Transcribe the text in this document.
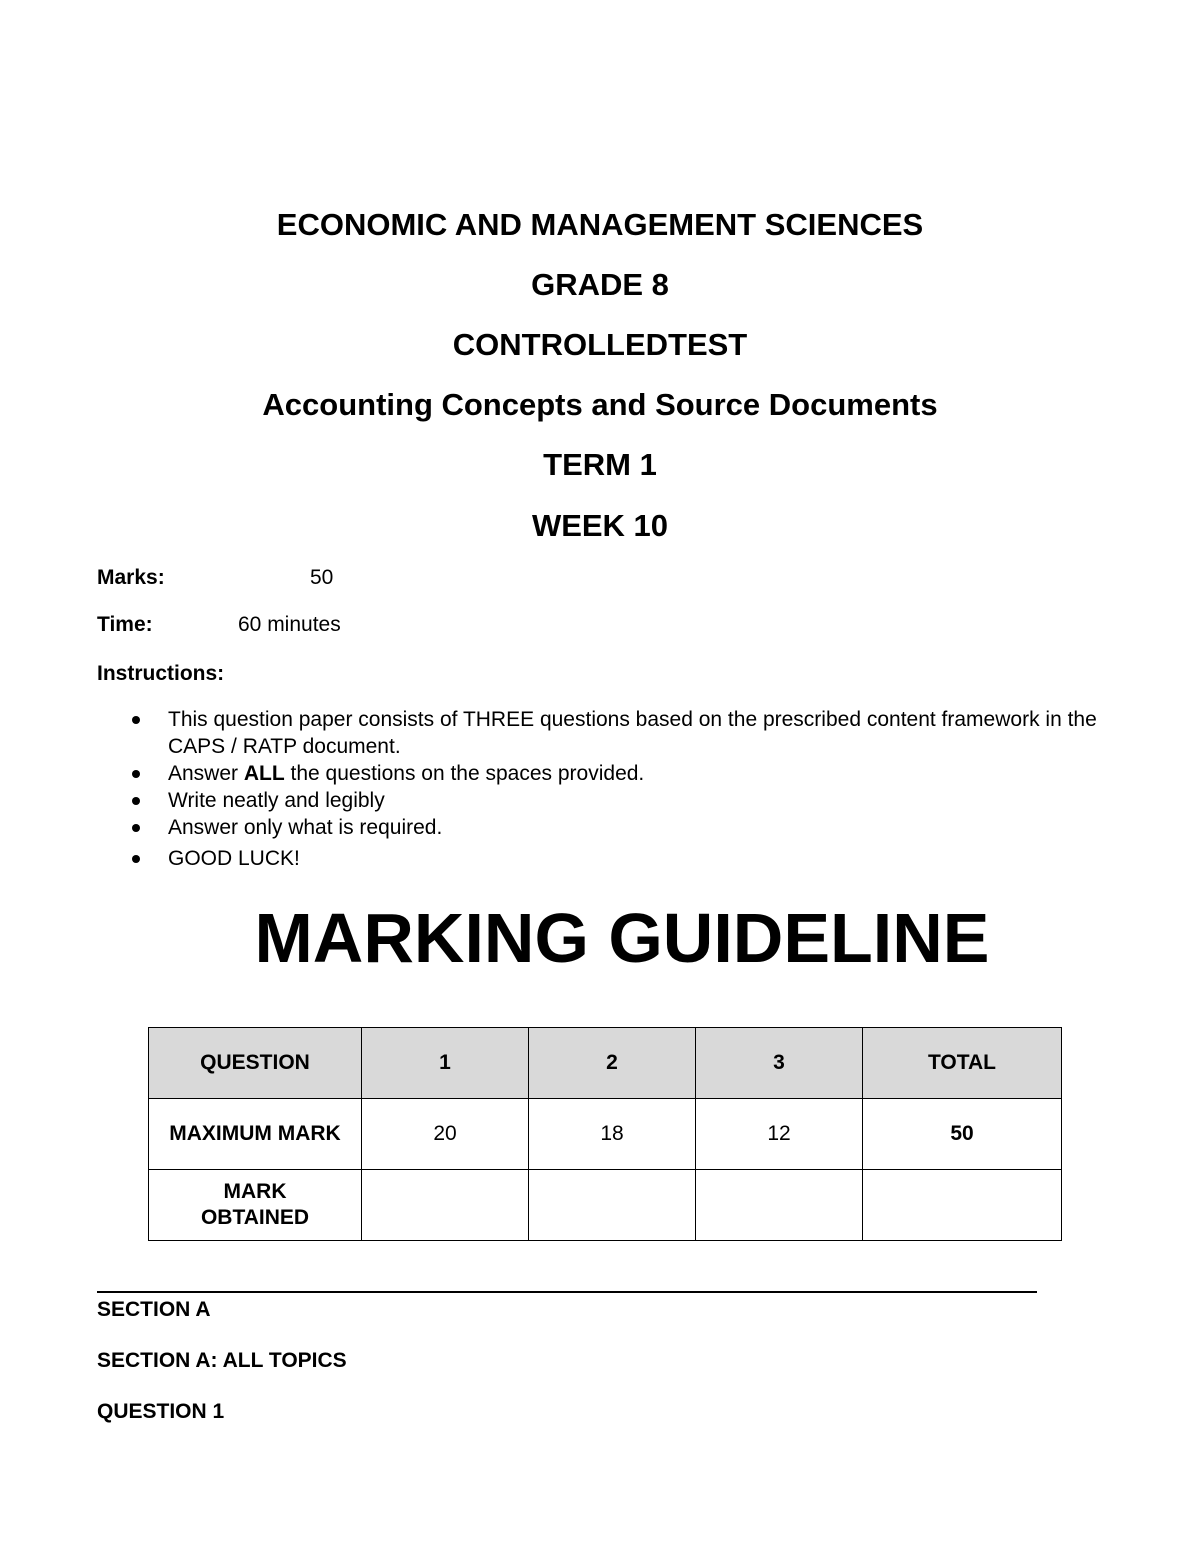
ECONOMIC AND MANAGEMENT SCIENCES
GRADE 8
CONTROLLEDTEST
Accounting Concepts and Source Documents
TERM 1
WEEK 10
Marks:	50
Time:	60 minutes
Instructions:
This question paper consists of THREE questions based on the prescribed content framework in the CAPS / RATP document.
Answer ALL the questions on the spaces provided.
Write neatly and legibly
Answer only what is required.
GOOD LUCK!
MARKING GUIDELINE
QUESTION	1	2	3	TOTAL
MAXIMUM MARK	20	18	12	50
MARK OBTAINED				
SECTION A
SECTION A: ALL TOPICS
QUESTION 1
